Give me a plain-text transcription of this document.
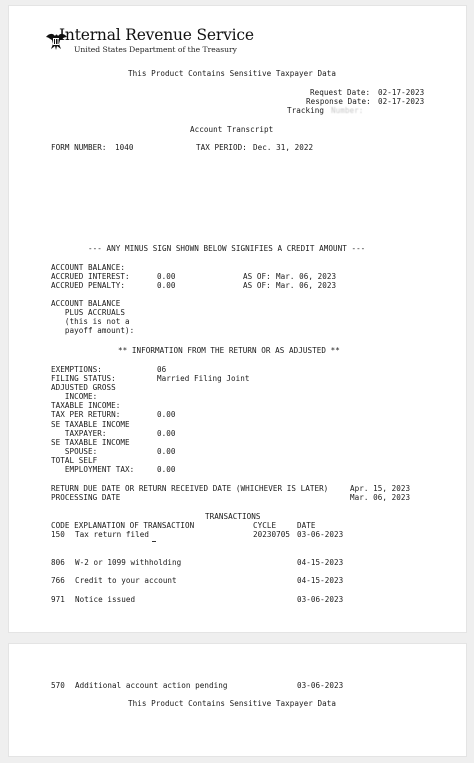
Internal Revenue Service
United States Department of the Treasury
This Product Contains Sensitive Taxpayer Data
Request Date: 02-17-2023
Response Date: 02-17-2023
Tracking Number:
Account Transcript
FORM NUMBER: 1040	TAX PERIOD: Dec. 31, 2022
--- ANY MINUS SIGN SHOWN BELOW SIGNIFIES A CREDIT AMOUNT ---
ACCOUNT BALANCE:
ACCRUED INTEREST:	0.00	AS OF: Mar. 06, 2023
ACCRUED PENALTY:	0.00	AS OF: Mar. 06, 2023
ACCOUNT BALANCE
PLUS ACCRUALS
(this is not a
payoff amount):
** INFORMATION FROM THE RETURN OR AS ADJUSTED **
EXEMPTIONS:	06
FILING STATUS:	Married Filing Joint
ADJUSTED GROSS
INCOME:
TAXABLE INCOME:
TAX PER RETURN:	0.00
SE TAXABLE INCOME
TAXPAYER:	0.00
SE TAXABLE INCOME
SPOUSE:	0.00
TOTAL SELF
EMPLOYMENT TAX:	0.00
RETURN DUE DATE OR RETURN RECEIVED DATE (WHICHEVER IS LATER)	Apr. 15, 2023
PROCESSING DATE	Mar. 06, 2023
TRANSACTIONS
CODE EXPLANATION OF TRANSACTION	CYCLE	DATE
150 Tax return filed	20230705 03-06-2023
806 W-2 or 1099 withholding	04-15-2023
766 Credit to your account	04-15-2023
971 Notice issued	03-06-2023
570 Additional account action pending	03-06-2023
This Product Contains Sensitive Taxpayer Data
